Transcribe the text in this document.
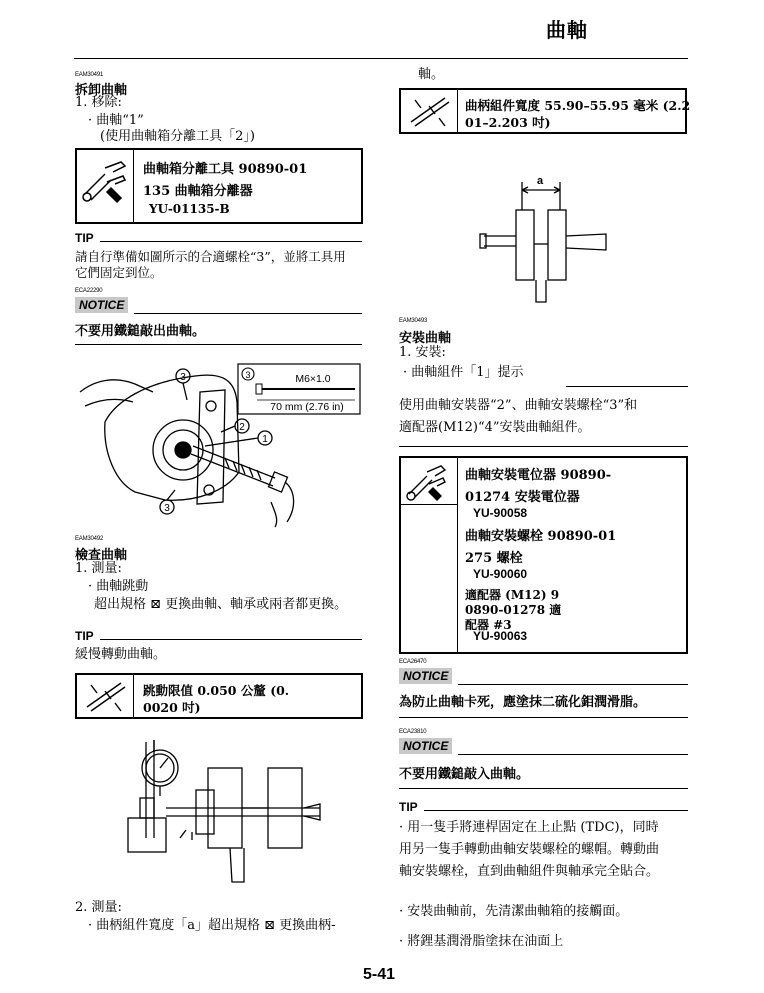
曲軸
EAM30491
拆卸曲軸
1. 移除:
· 曲軸“1”
(使用曲軸箱分離工具「2」)
曲軸箱分離工具 90890-01
135 曲軸箱分離器
YU-01135-B
TIP
請自行準備如圖所示的合適螺栓“3”，並將工具用
它們固定到位。
ECA22290
NOTICE
不要用鐵鎚敲出曲軸。
3
2
1
3
3	M6×1.0
70 mm (2.76 in)
EAM30492
檢查曲軸
1. 測量:
· 曲軸跳動
超出規格 ⊠ 更換曲軸、軸承或兩者都更換。
TIP
緩慢轉動曲軸。
跳動限值 0.050 公釐 (0.
0020 吋)
2. 測量:
· 曲柄組件寬度「a」超出規格 ⊠ 更換曲柄-
軸。
曲柄組件寬度 55.90–55.95 毫米 (2.2
01–2.203 吋)
a
EAM30493
安裝曲軸
1. 安裝:
· 曲軸組件「1」提示
使用曲軸安裝器“2”、曲軸安裝螺栓“3”和
適配器(M12)“4”安裝曲軸組件。
曲軸安裝電位器 90890-
01274 安裝電位器
YU-90058
曲軸安裝螺栓 90890-01
275 螺栓
YU-90060
適配器 (M12) 9
0890-01278 適
配器 #3
YU-90063
ECA26470
NOTICE
為防止曲軸卡死，應塗抹二硫化鉬潤滑脂。
ECA23810
NOTICE
不要用鐵鎚敲入曲軸。
TIP
· 用一隻手將連桿固定在上止點 (TDC)，同時
用另一隻手轉動曲軸安裝螺栓的螺帽。轉動曲
軸安裝螺栓，直到曲軸組件與軸承完全貼合。
· 安裝曲軸前，先清潔曲軸箱的接觸面。
· 將鋰基潤滑脂塗抹在油面上
5-41
